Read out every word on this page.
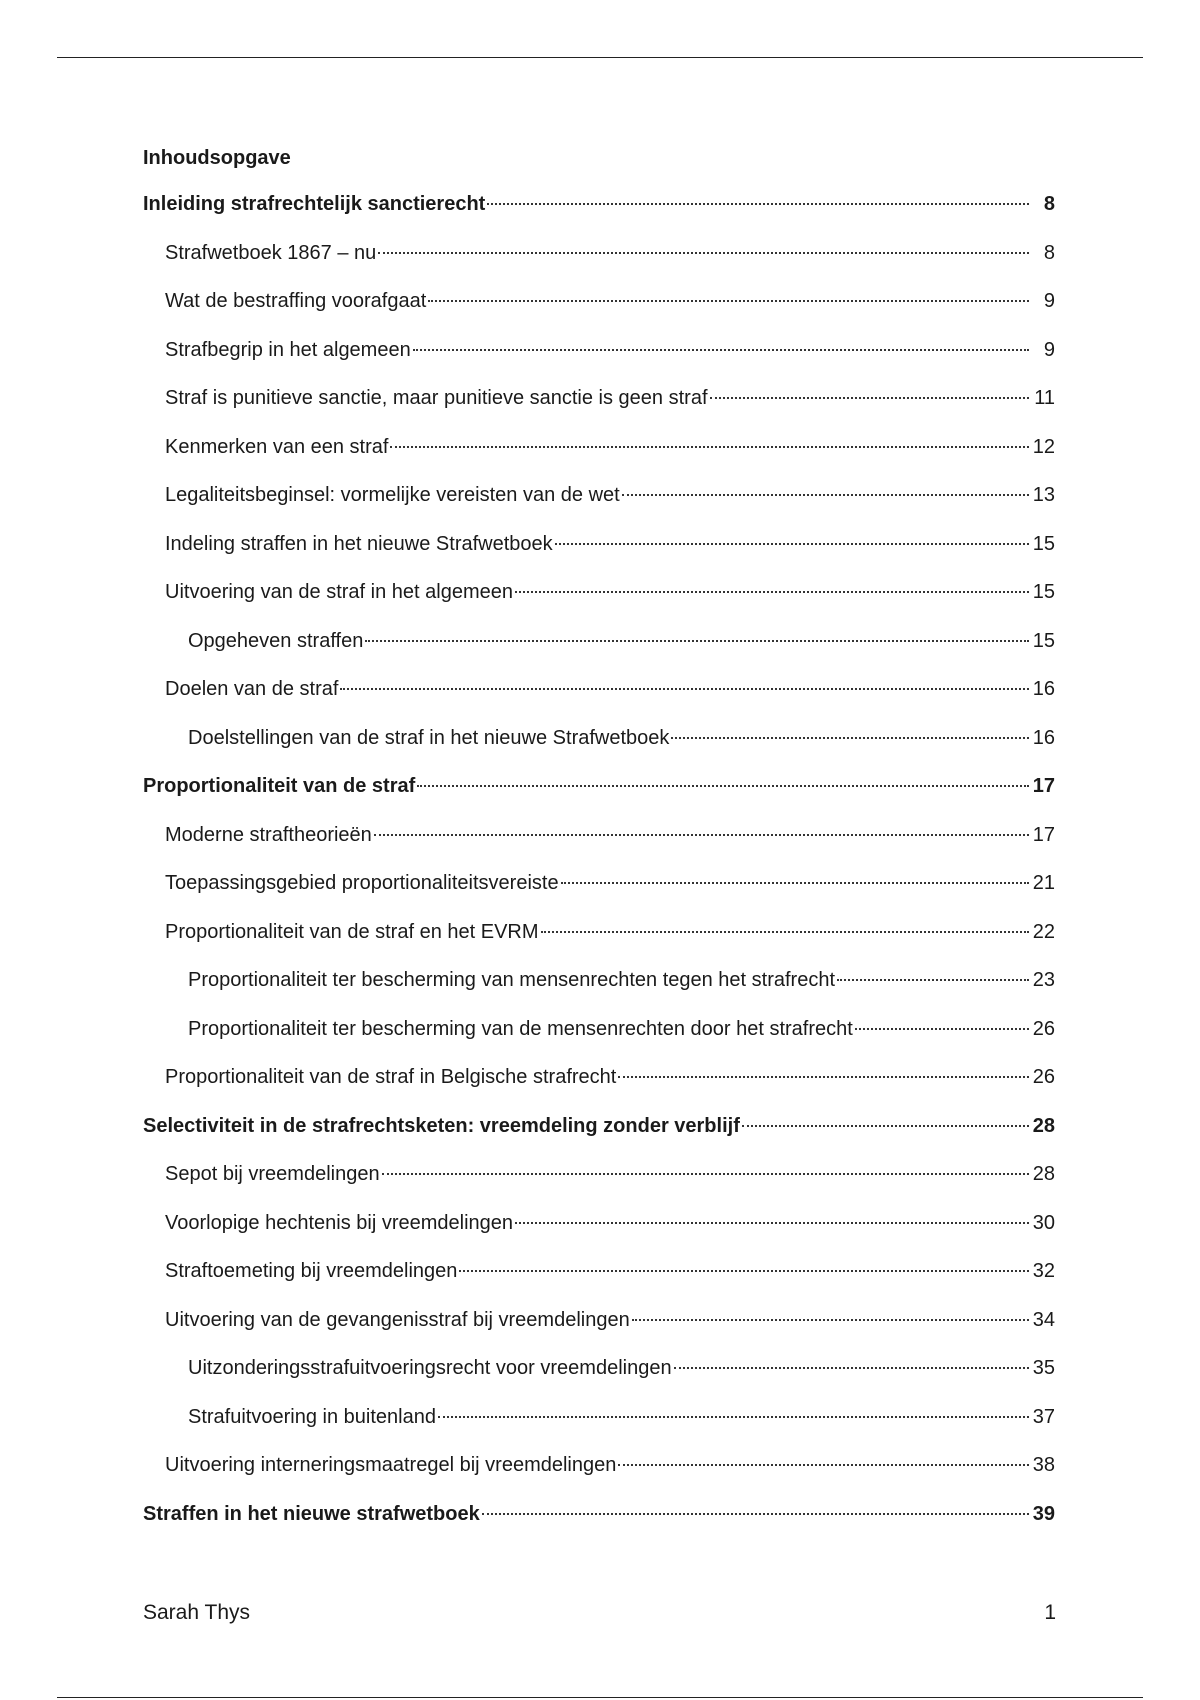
Inhoudsopgave
Inleiding strafrechtelijk sanctierecht	8
Strafwetboek 1867 – nu	8
Wat de bestraffing voorafgaat	9
Strafbegrip in het algemeen	9
Straf is punitieve sanctie, maar punitieve sanctie is geen straf	11
Kenmerken van een straf	12
Legaliteitsbeginsel: vormelijke vereisten van de wet	13
Indeling straffen in het nieuwe Strafwetboek	15
Uitvoering van de straf in het algemeen	15
Opgeheven straffen	15
Doelen van de straf	16
Doelstellingen van de straf in het nieuwe Strafwetboek	16
Proportionaliteit van de straf	17
Moderne straftheorieën	17
Toepassingsgebied proportionaliteitsvereiste	21
Proportionaliteit van de straf en het EVRM	22
Proportionaliteit ter bescherming van mensenrechten tegen het strafrecht	23
Proportionaliteit ter bescherming van de mensenrechten door het strafrecht	26
Proportionaliteit van de straf in Belgische strafrecht	26
Selectiviteit in de strafrechtsketen: vreemdeling zonder verblijf	28
Sepot bij vreemdelingen	28
Voorlopige hechtenis bij vreemdelingen	30
Straftoemeting bij vreemdelingen	32
Uitvoering van de gevangenisstraf bij vreemdelingen	34
Uitzonderingsstrafuitvoeringsrecht voor vreemdelingen	35
Strafuitvoering in buitenland	37
Uitvoering interneringsmaatregel bij vreemdelingen	38
Straffen in het nieuwe strafwetboek	39
Sarah Thys	1
